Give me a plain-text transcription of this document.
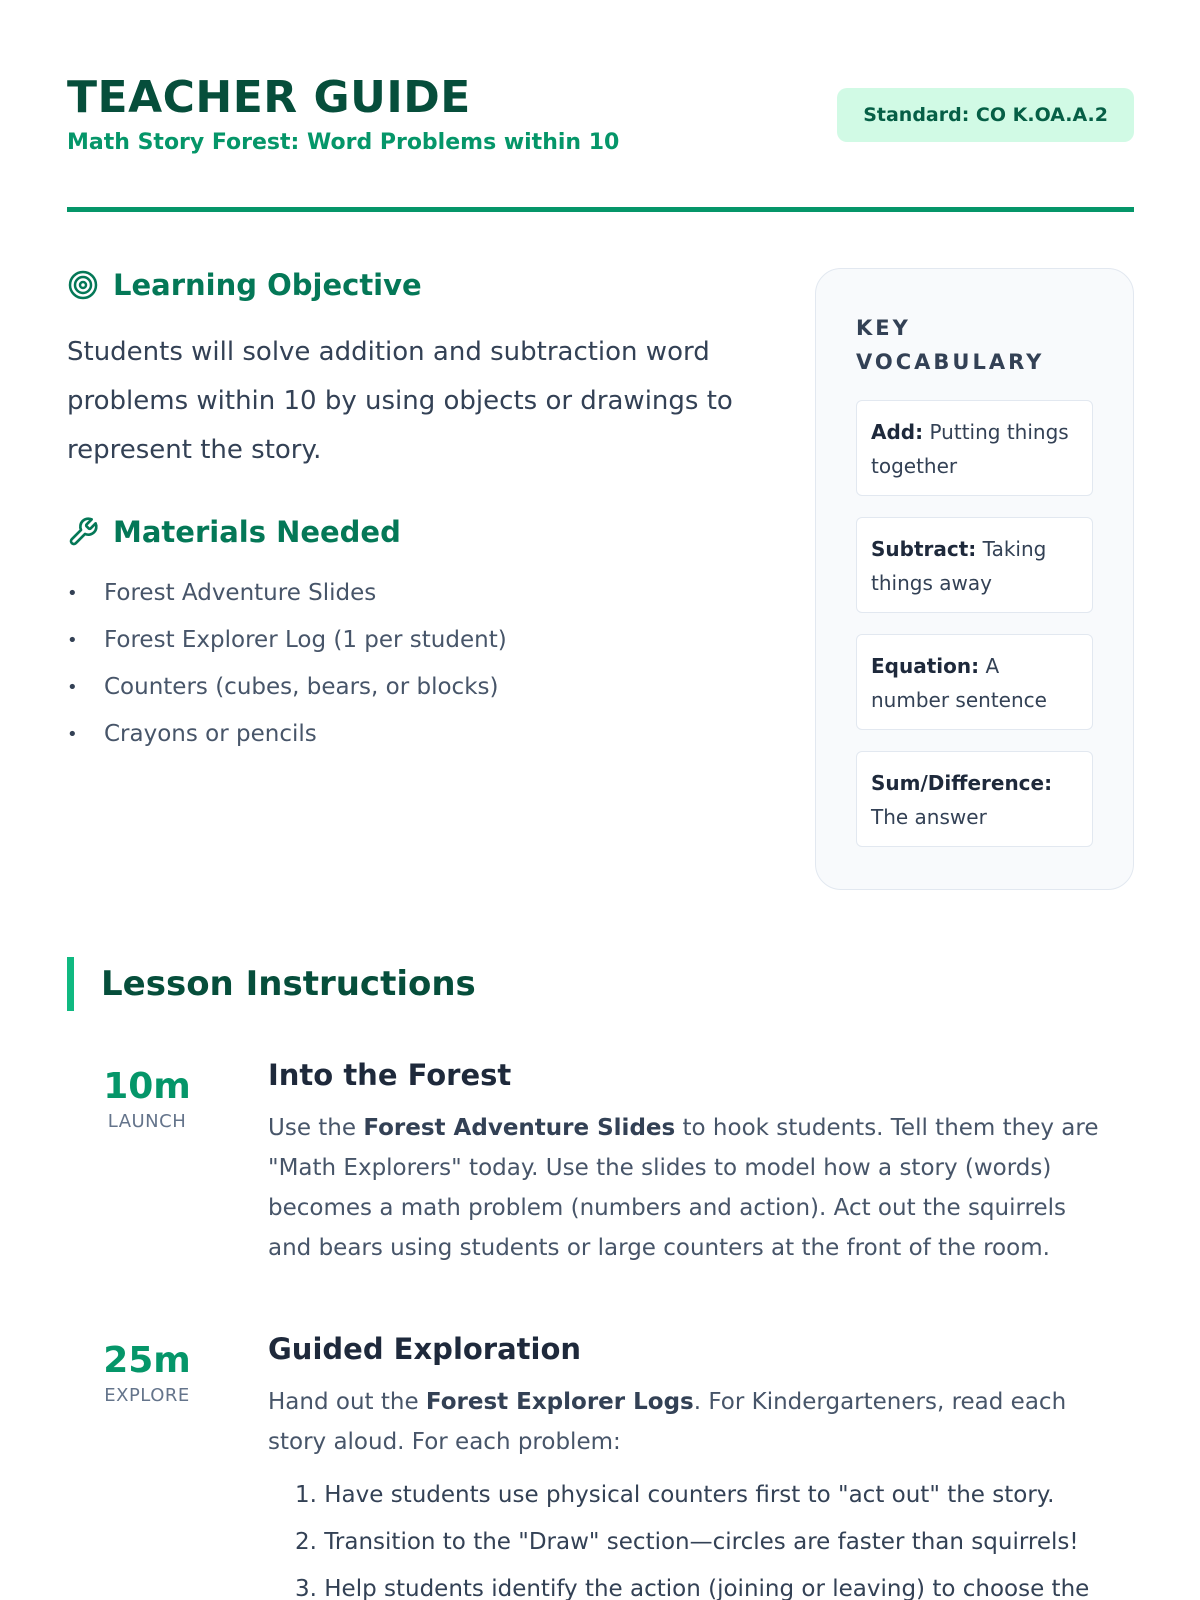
TEACHER GUIDE
Math Story Forest: Word Problems within 10
Standard: CO K.OA.A.2
Learning Objective
Students will solve addition and subtraction word problems within 10 by using objects or drawings to represent the story.
Materials Needed
• Forest Adventure Slides
• Forest Explorer Log (1 per student)
• Counters (cubes, bears, or blocks)
• Crayons or pencils
KEY VOCABULARY
Add: Putting things together
Subtract: Taking things away
Equation: A number sentence
Sum/Difference:
The answer
Lesson Instructions
10m
LAUNCH
Into the Forest
Use the Forest Adventure Slides to hook students. Tell them they are "Math Explorers" today. Use the slides to model how a story (words) becomes a math problem (numbers and action). Act out the squirrels and bears using students or large counters at the front of the room.
25m
EXPLORE
Guided Exploration
Hand out the Forest Explorer Logs. For Kindergarteners, read each story aloud. For each problem:
1. Have students use physical counters first to "act out" the story.
2. Transition to the "Draw" section—circles are faster than squirrels!
3. Help students identify the action (joining or leaving) to choose the
